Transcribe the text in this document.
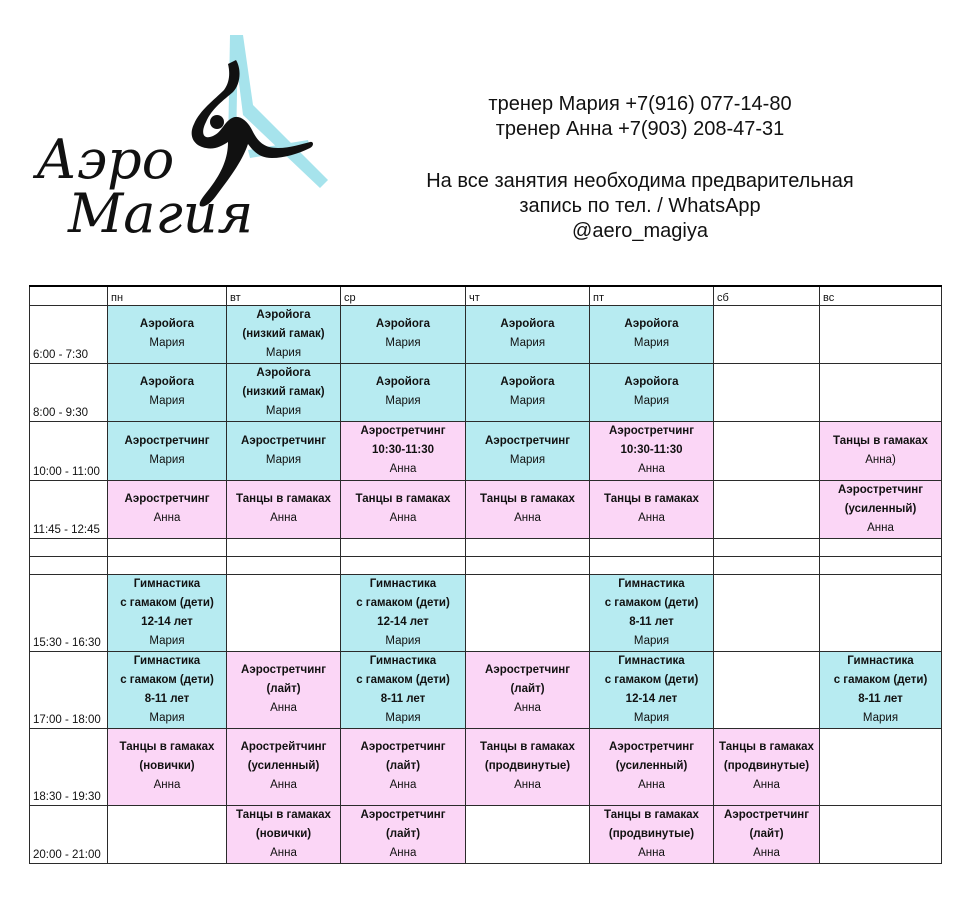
Аэро
Магия
тренер Мария +7(916) 077-14-80
тренер Анна +7(903) 208-47-31
На все занятия необходима предварительная
запись по тел. / WhatsApp
@aero_magiya
	пн	вт	ср	чт	пт	сб	вс
6:00 - 7:30	Аэройога
Мария	Аэройога
(низкий гамак)
Мария	Аэройога
Мария	Аэройога
Мария	Аэройога
Мария		

8:00 - 9:30	Аэройога
Мария	Аэройога
(низкий гамак)
Мария	Аэройога
Мария	Аэройога
Мария	Аэройога
Мария		

10:00 - 11:00	Аэростретчинг
Мария	Аэростретчинг
Мария	Аэростретчинг
10:30-11:30
Анна	Аэростретчинг
Мария	Аэростретчинг
10:30-11:30
Анна		Танцы в гамаках
Анна)

11:45 - 12:45	Аэростретчинг
Анна	Танцы в гамаках
Анна	Танцы в гамаках
Анна	Танцы в гамаках
Анна	Танцы в гамаках
Анна		Аэростретчинг
(усиленный)
Анна

15:30 - 16:30	Гимнастика
с гамаком (дети)
12-14 лет
Мария		Гимнастика
с гамаком (дети)
12-14 лет
Мария		Гимнастика
с гамаком (дети)
8-11 лет
Мария		

17:00 - 18:00	Гимнастика
с гамаком (дети)
8-11 лет
Мария	Аэростретчинг
(лайт)
Анна	Гимнастика
с гамаком (дети)
8-11 лет
Мария	Аэростретчинг
(лайт)
Анна	Гимнастика
с гамаком (дети)
12-14 лет
Мария		Гимнастика
с гамаком (дети)
8-11 лет
Мария

18:30 - 19:30	Танцы в гамаках
(новички)
Анна	Арострейтчинг
(усиленный)
Анна	Аэростретчинг
(лайт)
Анна	Танцы в гамаках
(продвинутые)
Анна	Аэростретчинг
(усиленный)
Анна	Танцы в гамаках
(продвинутые)
Анна	

20:00 - 21:00		Танцы в гамаках
(новички)
Анна	Аэростретчинг
(лайт)
Анна		Танцы в гамаках
(продвинутые)
Анна	Аэростретчинг
(лайт)
Анна	
